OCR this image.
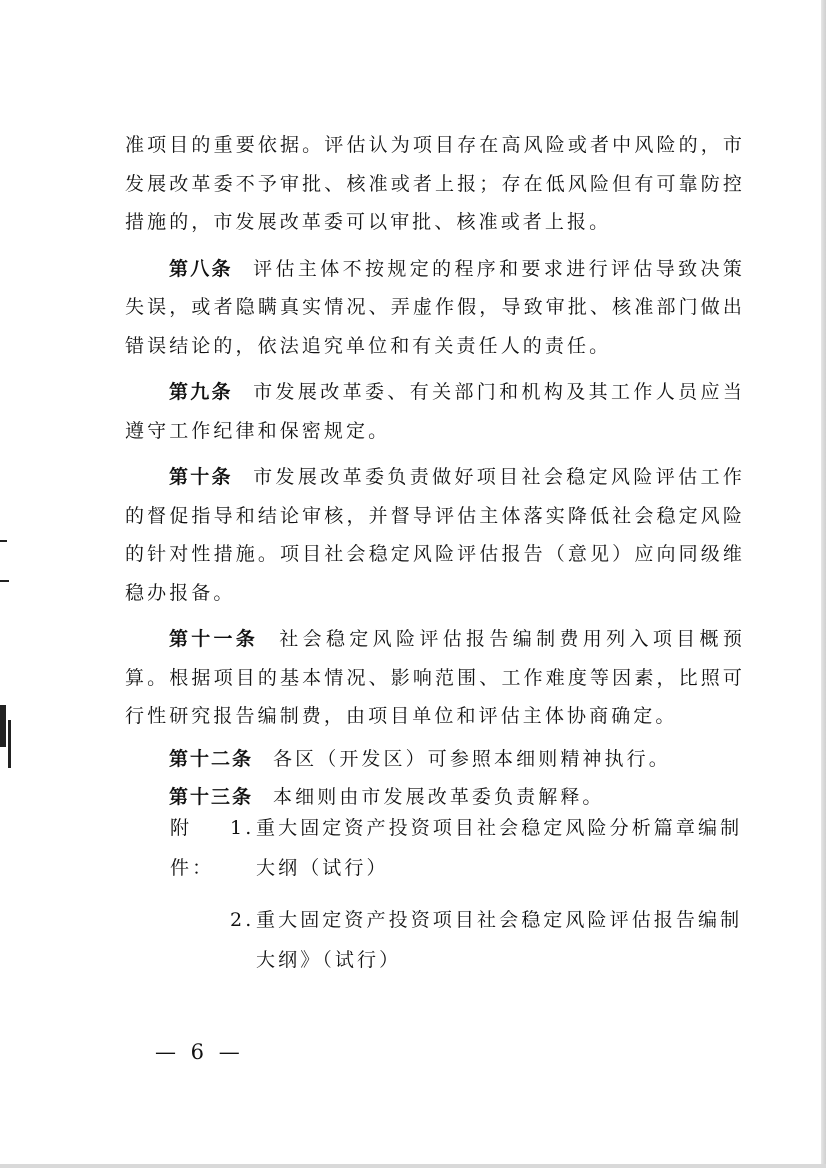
准项目的重要依据。评估认为项目存在高风险或者中风险的，市发展改革委不予审批、核准或者上报；存在低风险但有可靠防控措施的，市发展改革委可以审批、核准或者上报。

第八条 评估主体不按规定的程序和要求进行评估导致决策失误，或者隐瞒真实情况、弄虚作假，导致审批、核准部门做出错误结论的，依法追究单位和有关责任人的责任。

第九条 市发展改革委、有关部门和机构及其工作人员应当遵守工作纪律和保密规定。

第十条 市发展改革委负责做好项目社会稳定风险评估工作的督促指导和结论审核，并督导评估主体落实降低社会稳定风险的针对性措施。项目社会稳定风险评估报告（意见）应向同级维稳办报备。

第十一条 社会稳定风险评估报告编制费用列入项目概预算。根据项目的基本情况、影响范围、工作难度等因素，比照可行性研究报告编制费，由项目单位和评估主体协商确定。

第十二条 各区（开发区）可参照本细则精神执行。

第十三条 本细则由市发展改革委负责解释。

附件：
1. 重大固定资产投资项目社会稳定风险分析篇章编制大纲（试行）
2. 重大固定资产投资项目社会稳定风险评估报告编制大纲》（试行）
— 6 —
